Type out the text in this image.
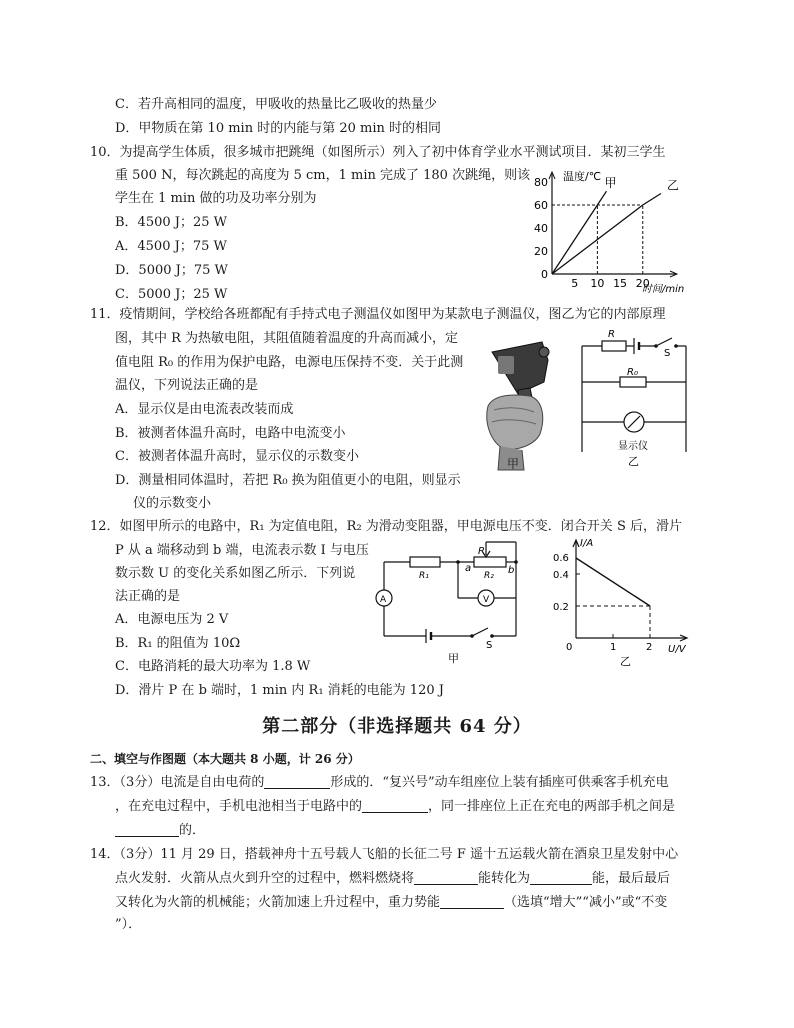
C．若升高相同的温度，甲吸收的热量比乙吸收的热量少
D．甲物质在第 10 min 时的内能与第 20 min 时的相同
10．为提高学生体质，很多城市把跳绳（如图所示）列入了初中体育学业水平测试项目．某初三学生
重 500 N，每次跳起的高度为 5 cm，1 min 完成了 180 次跳绳，则该
学生在 1 min 做的功及功率分别为
B．4500 J；25 W
A．4500 J；75 W
D．5000 J；75 W
C．5000 J；25 W
0
20
40
60
80
5 10 15 20
甲	乙
温度/℃
时间/min
11．疫情期间，学校给各班都配有手持式电子测温仪如图甲为某款电子测温仪，图乙为它的内部原理
图，其中 R 为热敏电阻，其阻值随着温度的升高而减小，定
值电阻 R₀ 的作用为保护电路，电源电压保持不变．关于此测
温仪，下列说法正确的是
A．显示仪是由电流表改装而成
B．被测者体温升高时，电路中电流变小
C．被测者体温升高时，显示仪的示数变小
D．测量相同体温时，若把 R₀ 换为阻值更小的电阻，则显示
仪的示数变小
甲
R
S
R₀
显示仪
乙
12．如图甲所示的电路中，R₁ 为定值电阻，R₂ 为滑动变阻器，甲电源电压不变．闭合开关 S 后，滑片
P 从 a 端移动到 b 端，电流表示数 I 与电压
数示数 U 的变化关系如图乙所示．下列说
法正确的是
A．电源电压为 2 V
B．R₁ 的阻值为 10Ω
C．电路消耗的最大功率为 1.8 W
D．滑片 P 在 b 端时，1 min 内 R₁ 消耗的电能为 120 J
R₁	R₂
P
a	b
A	V
S
甲
I/A
U/V
0.6
0.4
0.2
1	2
0
乙
第二部分（非选择题共 64 分）
二、填空与作图题（本大题共 8 小题，计 26 分）
13．（3分）电流是自由电荷的	形成的．“复兴号”动车组座位上装有插座可供乘客手机充电
，在充电过程中，手机电池相当于电路中的	，同一排座位上正在充电的两部手机之间是
的．
14．（3分）11 月 29 日，搭载神舟十五号载人飞船的长征二号 F 遥十五运载火箭在酒泉卫星发射中心
点火发射．火箭从点火到升空的过程中，燃料燃烧将	能转化为	能，最后最后
又转化为火箭的机械能；火箭加速上升过程中，重力势能	（选填“增大”“减小”或“不变
”）．
